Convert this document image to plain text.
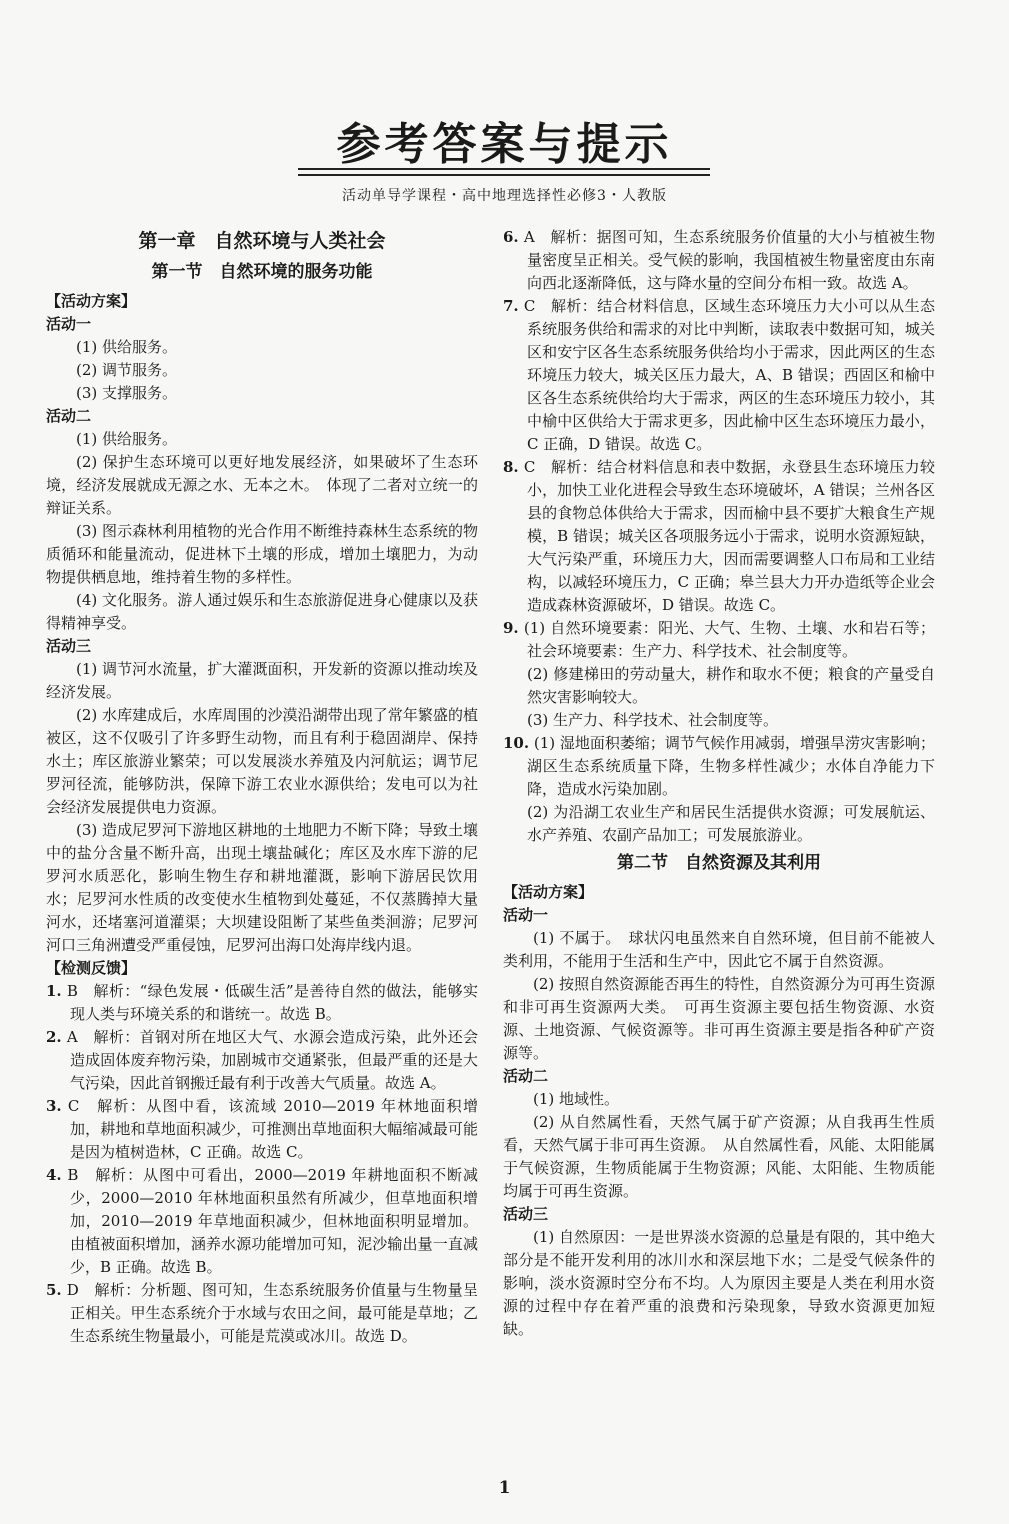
参考答案与提示
活动单导学课程・高中地理选择性必修3・人教版
第一章　自然环境与人类社会
第一节　自然环境的服务功能
【活动方案】
活动一

(1) 供给服务。

(2) 调节服务。

(3) 支撑服务。

活动二

(1) 供给服务。

(2) 保护生态环境可以更好地发展经济，如果破坏了生态环境，经济发展就成无源之水、无本之木。　体现了二者对立统一的辩证关系。

(3) 图示森林利用植物的光合作用不断维持森林生态系统的物质循环和能量流动，促进林下土壤的形成，增加土壤肥力，为动物提供栖息地，维持着生物的多样性。

(4) 文化服务。游人通过娱乐和生态旅游促进身心健康以及获得精神享受。

活动三

(1) 调节河水流量，扩大灌溉面积，开发新的资源以推动埃及经济发展。

(2) 水库建成后，水库周围的沙漠沿湖带出现了常年繁盛的植被区，这不仅吸引了许多野生动物，而且有利于稳固湖岸、保持水土；库区旅游业繁荣；可以发展淡水养殖及内河航运；调节尼罗河径流，能够防洪，保障下游工农业水源供给；发电可以为社会经济发展提供电力资源。

(3) 造成尼罗河下游地区耕地的土地肥力不断下降；导致土壤中的盐分含量不断升高，出现土壤盐碱化；库区及水库下游的尼罗河水质恶化，影响生物生存和耕地灌溉，影响下游居民饮用水；尼罗河水性质的改变使水生植物到处蔓延，不仅蒸腾掉大量河水，还堵塞河道灌渠；大坝建设阻断了某些鱼类洄游；尼罗河河口三角洲遭受严重侵蚀，尼罗河出海口处海岸线内退。

【检测反馈】

1. B　解析：“绿色发展・低碳生活”是善待自然的做法，能够实现人类与环境关系的和谐统一。故选 B。

2. A　解析：首钢对所在地区大气、水源会造成污染，此外还会造成固体废弃物污染，加剧城市交通紧张，但最严重的还是大气污染，因此首钢搬迁最有利于改善大气质量。故选 A。

3. C　解析：从图中看，该流域 2010—2019 年林地面积增加，耕地和草地面积减少，可推测出草地面积大幅缩减最可能是因为植树造林，C 正确。故选 C。

4. B　解析：从图中可看出，2000—2019 年耕地面积不断减少，2000—2010 年林地面积虽然有所减少，但草地面积增加，2010—2019 年草地面积减少，但林地面积明显增加。由植被面积增加，涵养水源功能增加可知，泥沙输出量一直减少，B 正确。故选 B。

5. D　解析：分析题、图可知，生态系统服务价值量与生物量呈正相关。甲生态系统介于水域与农田之间，最可能是草地；乙生态系统生物量最小，可能是荒漠或冰川。故选 D。

6. A　解析：据图可知，生态系统服务价值量的大小与植被生物量密度呈正相关。受气候的影响，我国植被生物量密度由东南向西北逐渐降低，这与降水量的空间分布相一致。故选 A。

7. C　解析：结合材料信息，区域生态环境压力大小可以从生态系统服务供给和需求的对比中判断，读取表中数据可知，城关区和安宁区各生态系统服务供给均小于需求，因此两区的生态环境压力较大，城关区压力最大，A、B 错误；西固区和榆中区各生态系统供给均大于需求，两区的生态环境压力较小，其中榆中区供给大于需求更多，因此榆中区生态环境压力最小，C 正确，D 错误。故选 C。

8. C　解析：结合材料信息和表中数据，永登县生态环境压力较小，加快工业化进程会导致生态环境破坏，A 错误；兰州各区县的食物总体供给大于需求，因而榆中县不要扩大粮食生产规模，B 错误；城关区各项服务远小于需求，说明水资源短缺，大气污染严重，环境压力大，因而需要调整人口布局和工业结构，以减轻环境压力，C 正确；皋兰县大力开办造纸等企业会造成森林资源破坏，D 错误。故选 C。

9. (1) 自然环境要素：阳光、大气、生物、土壤、水和岩石等；社会环境要素：生产力、科学技术、社会制度等。

(2) 修建梯田的劳动量大，耕作和取水不便；粮食的产量受自然灾害影响较大。

(3) 生产力、科学技术、社会制度等。

10. (1) 湿地面积萎缩；调节气候作用减弱，增强旱涝灾害影响；湖区生态系统质量下降，生物多样性减少；水体自净能力下降，造成水污染加剧。

(2) 为沿湖工农业生产和居民生活提供水资源；可发展航运、水产养殖、农副产品加工；可发展旅游业。

第二节　自然资源及其利用
【活动方案】
活动一

(1) 不属于。　球状闪电虽然来自自然环境，但目前不能被人类利用，不能用于生活和生产中，因此它不属于自然资源。

(2) 按照自然资源能否再生的特性，自然资源分为可再生资源和非可再生资源两大类。　可再生资源主要包括生物资源、水资源、土地资源、气候资源等。非可再生资源主要是指各种矿产资源等。

活动二

(1) 地域性。

(2) 从自然属性看，天然气属于矿产资源；从自我再生性质看，天然气属于非可再生资源。　从自然属性看，风能、太阳能属于气候资源，生物质能属于生物资源；风能、太阳能、生物质能均属于可再生资源。

活动三

(1) 自然原因：一是世界淡水资源的总量是有限的，其中绝大部分是不能开发利用的冰川水和深层地下水；二是受气候条件的影响，淡水资源时空分布不均。人为原因主要是人类在利用水资源的过程中存在着严重的浪费和污染现象，导致水资源更加短缺。

1
